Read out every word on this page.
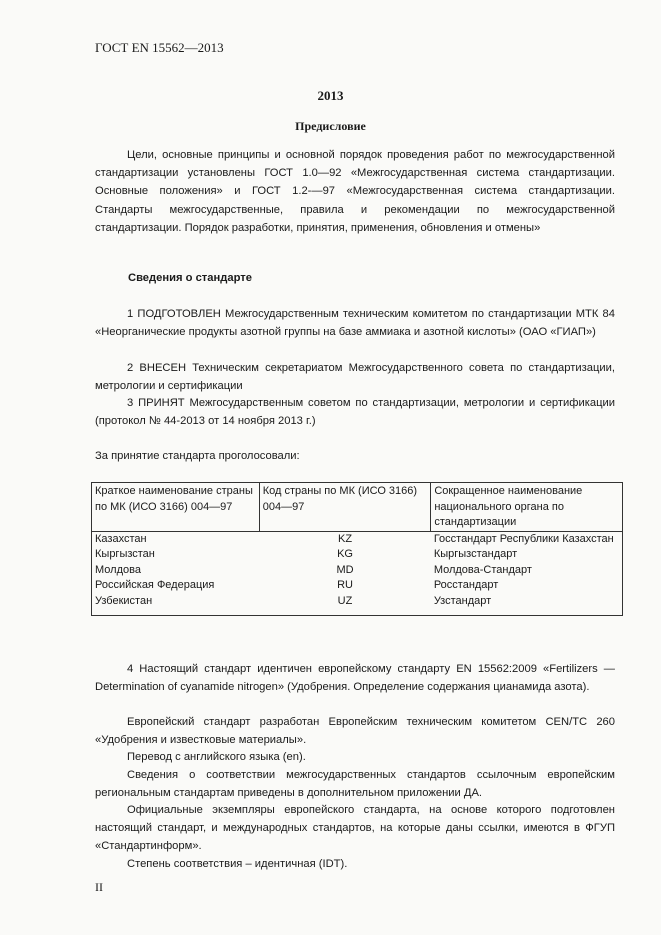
ГОСТ EN 15562—2013
2013
Предисловие

Цели, основные принципы и основной порядок проведения работ по межгосударственной стандартизации установлены ГОСТ 1.0—92 «Межгосударственная система стандартизации. Основные положения» и ГОСТ 1.2-—97 «Межгосударственная система стандартизации. Стандарты межгосударственные, правила и рекомендации по межгосударственной стандартизации. Порядок разработки, принятия, применения, обновления и отмены»

Сведения о стандарте

1 ПОДГОТОВЛЕН Межгосударственным техническим комитетом по стандартизации МТК 84 «Неорганические продукты азотной группы на базе аммиака и азотной кислоты» (ОАО «ГИАП»)

2 ВНЕСЕН Техническим секретариатом Межгосударственного совета по стандартизации, метрологии и сертификации

3 ПРИНЯТ Межгосударственным советом по стандартизации, метрологии и сертификации (протокол № 44-2013 от 14 ноября 2013 г.)

За принятие стандарта проголосовали:

Краткое наименование страны по МК (ИСО 3166) 004—97	Код страны по МК (ИСО 3166) 004—97	Сокращенное наименование национального органа по стандартизации
Казахстан	KZ	Госстандарт Республики Казахстан
Кыргызстан	KG	Кыргызстандарт
Молдова	MD	Молдова-Стандарт
Российская Федерация	RU	Росстандарт
Узбекистан	UZ	Узстандарт

4 Настоящий стандарт идентичен европейскому стандарту EN 15562:2009 «Fertilizers — Determination of cyanamide nitrogen» (Удобрения. Определение содержания цианамида азота).

Европейский стандарт разработан Европейским техническим комитетом CEN/TC 260 «Удобрения и известковые материалы».

Перевод с английского языка (en).

Сведения о соответствии межгосударственных стандартов ссылочным европейским региональным стандартам приведены в дополнительном приложении ДА.

Официальные экземпляры европейского стандарта, на основе которого подготовлен настоящий стандарт, и международных стандартов, на которые даны ссылки, имеются в ФГУП «Стандартинформ».

Степень соответствия – идентичная (IDT).

II
